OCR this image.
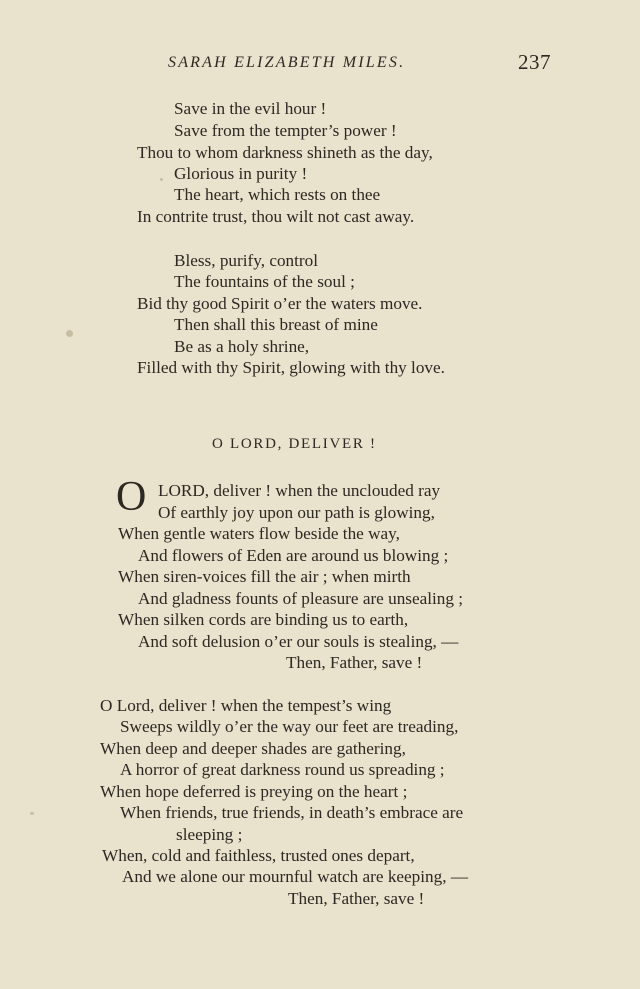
SARAH ELIZABETH MILES.	237
Save in the evil hour !
Save from the tempter’s power !
Thou to whom darkness shineth as the day,
Glorious in purity !
The heart, which rests on thee
In contrite trust, thou wilt not cast away.
Bless, purify, control
The fountains of the soul ;
Bid thy good Spirit o’er the waters move.
Then shall this breast of mine
Be as a holy shrine,
Filled with thy Spirit, glowing with thy love.
O LORD, DELIVER !
O LORD, deliver ! when the unclouded ray
Of earthly joy upon our path is glowing,
When gentle waters flow beside the way,
And flowers of Eden are around us blowing ;
When siren-voices fill the air ; when mirth
And gladness founts of pleasure are unsealing ;
When silken cords are binding us to earth,
And soft delusion o’er our souls is stealing, —
Then, Father, save !
O Lord, deliver ! when the tempest’s wing
Sweeps wildly o’er the way our feet are treading,
When deep and deeper shades are gathering,
A horror of great darkness round us spreading ;
When hope deferred is preying on the heart ;
When friends, true friends, in death’s embrace are
sleeping ;
When, cold and faithless, trusted ones depart,
And we alone our mournful watch are keeping, —
Then, Father, save !
